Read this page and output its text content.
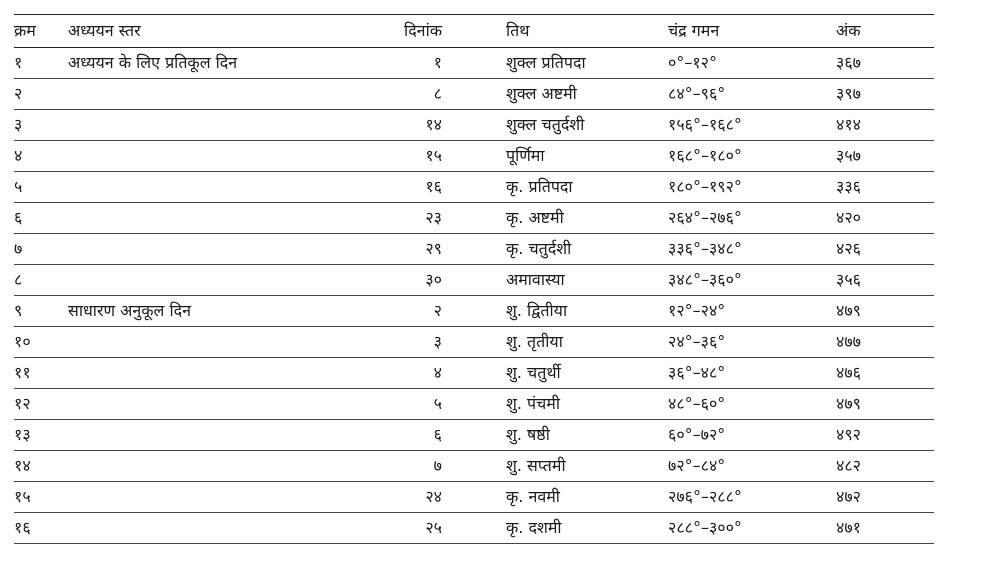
क्रम	अध्ययन स्तर	दिनांक	तिथ	चंद्र गमन	अंक
१	अध्ययन के लिए प्रतिकूल दिन	१	शुक्ल प्रतिपदा	०°–१२°	३६७
२		८	शुक्ल अष्टमी	८४°–९६°	३९७
३		१४	शुक्ल चतुर्दशी	१५६°–१६८°	४१४
४		१५	पूर्णिमा	१६८°–१८०°	३५७
५		१६	कृ. प्रतिपदा	१८०°–१९२°	३३६
६		२३	कृ. अष्टमी	२६४°–२७६°	४२०
७		२९	कृ. चतुर्दशी	३३६°–३४८°	४२६
८		३०	अमावास्या	३४८°–३६०°	३५६
९	साधारण अनुकूल दिन	२	शु. द्वितीया	१२°–२४°	४७९
१०		३	शु. तृतीया	२४°–३६°	४७७
११		४	शु. चतुर्थी	३६°–४८°	४७६
१२		५	शु. पंचमी	४८°–६०°	४७९
१३		६	शु. षष्ठी	६०°–७२°	४९२
१४		७	शु. सप्तमी	७२°–८४°	४८२
१५		२४	कृ. नवमी	२७६°–२८८°	४७२
१६		२५	कृ. दशमी	२८८°–३००°	४७१
